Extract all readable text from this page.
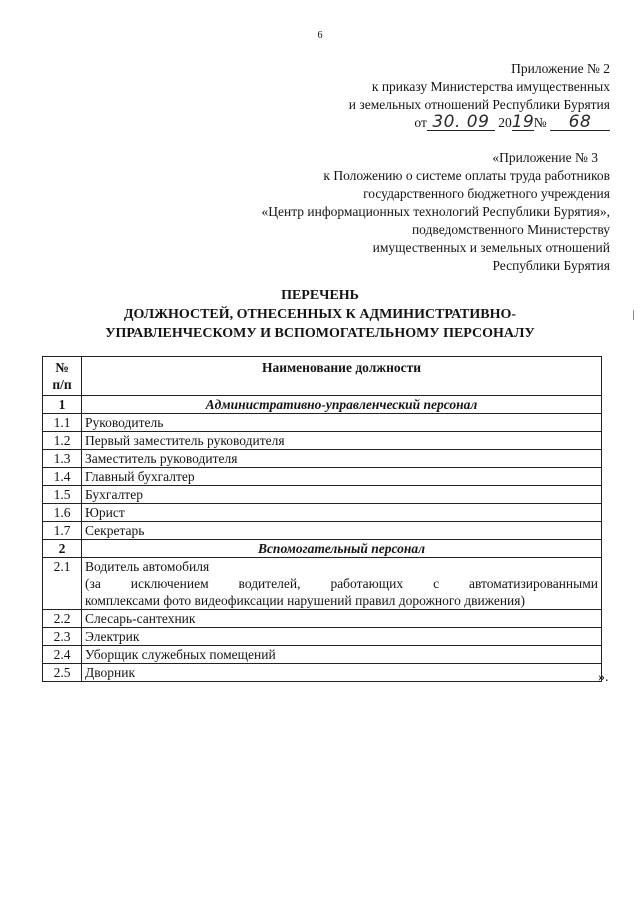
6
Приложение № 2
к приказу Министерства имущественных
и земельных отношений Республики Бурятия
от 30. 09 2019№ 68
«Приложение № 3
к Положению о системе оплаты труда работников
государственного бюджетного учреждения
«Центр информационных технологий Республики Бурятия»,
подведомственного Министерству
имущественных и земельных отношений
Республики Бурятия
ПЕРЕЧЕНЬ
ДОЛЖНОСТЕЙ, ОТНЕСЕННЫХ К АДМИНИСТРАТИВНО-
УПРАВЛЕНЧЕСКОМУ И ВСПОМОГАТЕЛЬНОМУ ПЕРСОНАЛУ
№
п/п	Наименование должности
1	Административно-управленческий персонал
1.1	Руководитель
1.2	Первый заместитель руководителя
1.3	Заместитель руководителя
1.4	Главный бухгалтер
1.5	Бухгалтер
1.6	Юрист
1.7	Секретарь
2	Вспомогательный персонал
2.1	Водитель автомобиля
(за исключением водителей, работающих с автоматизированными
комплексами фото видеофиксации нарушений правил дорожного движения)

2.2	Слесарь-сантехник
2.3	Электрик
2.4	Уборщик служебных помещений
2.5	Дворник	».
